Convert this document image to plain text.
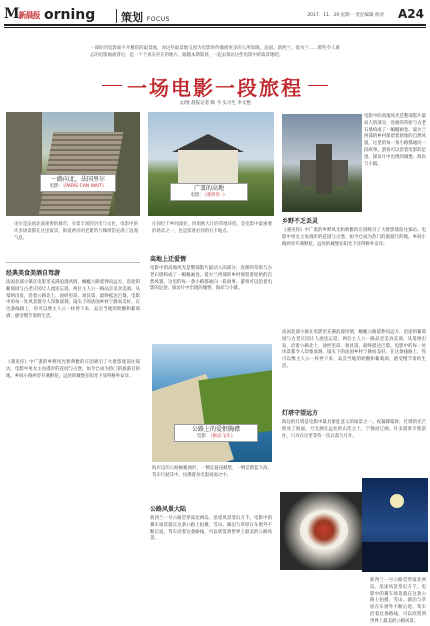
M新晨报 orning 策划 FOCUS
2017．11．20 星期一 责任编辑 校对 A24
一部好的电影离不开精彩的取景地，而这些取景地又因为电影的传播被更多的人所知晓。法国、新西兰、爱尔兰……那些令人难忘的电影画面背后，是一个个真实存在的地方。跟随本期策划，一起去探访这些电影中的取景地吧。
一场电影一段旅程
文/图 晨报记者 陶 今 实习生 李文艳
一路向北，法国里尔
电影：《PARIS CAN WAIT》	广袤的高地
电影：《遇到你 ·》
公路上的爱恨胸襟
电影：《极品飞车》
里尔是法国北部重要的城市，有着丰富的历史与文化，电影中的许多场景都在这里取景，街道两旁的老建筑与咖啡馆充满了浪漫气息。
庄园位于乡间深处，四周被大片的草地环绕，是电影中最重要的场景之一，也是影迷必到的打卡地点。
海岸边的公路蜿蜒曲折，一侧是悬崖峭壁，一侧是蔚蓝大海，驾车行驶其中，仿佛置身电影画面之中。
电影中的高地风光是整部影片最动人的部分，连绵的草原与古老石墙构成了一幅幅画卷。爱尔兰西部的乡村保留着原始的自然风貌，这里的每一条小路都通向一段故事。游客可以沿着电影的足迹，探访片中出现的城堡、海岸与小镇。
经典美食美酒自驾游
法国北部小镇在电影里充满浪漫风情，蜿蜒公路延伸向远方，沿途的葡萄园与古老庄园让人流连忘返。两位主人公一路品尝美食美酒，从戛纳出发，沿着公路北上，途经里昂、勃艮第，最终抵达巴黎。电影中的每一处风景都令人印象深刻，镜头下的法国乡村宁静而美好。在这条线路上，你可以像主人公一样停下来，品尝当地的奶酪和葡萄酒，感受慢节奏的生活。
《遇见你》中广袤的乡野风光和典雅的庄园吸引了大批影迷前往探访。电影中男女主角漫步的花园与古堡，如今已成为热门的旅游目的地。乡间小路两旁开满野花，远处的城堡在阳光下显得格外安详。
高地上迁爱情
电影中的高地风光是整部影片最动人的部分，连绵的草原与古老石墙构成了一幅幅画卷。爱尔兰西部的乡村保留着原始的自然风貌，这里的每一条小路都通向一段故事。游客可以沿着电影的足迹，探访片中出现的城堡、海岸与小镇。
公路风景大陆
新西兰一号公路贯穿南北两岛，沿途风景变幻万千。电影中的赛车场景就在这条公路上拍摄，雪山、湖泊与草原在车窗外不断后退。驾车沿着这条路线，可以欣赏到世界上最美的公路风景。
乡野不乏丢灵
《遇见你》中广袤的乡野风光和典雅的庄园吸引了大批影迷前往探访。电影中男女主角漫步的花园与古堡，如今已成为热门的旅游目的地。乡间小路两旁开满野花，远处的城堡在阳光下显得格外安详。
法国北部小镇在电影里充满浪漫风情，蜿蜒公路延伸向远方，沿途的葡萄园与古老庄园让人流连忘返。两位主人公一路品尝美食美酒，从戛纳出发，沿着公路北上，途经里昂、勃艮第，最终抵达巴黎。电影中的每一处风景都令人印象深刻，镜头下的法国乡村宁静而美好。在这条线路上，你可以像主人公一样停下来，品尝当地的奶酪和葡萄酒，感受慢节奏的生活。
灯塔守望远方
海边的灯塔是电影中最具象征意义的场景之一。夜幕降临时，灯塔的光芒照亮了海面，月光洒在远处的山峦之上，宁静而辽阔。许多游客专程前往，只为在这里等待一次日落与月升。
新西兰一号公路贯穿南北两岛，沿途风景变幻万千。电影中的赛车场景就在这条公路上拍摄，雪山、湖泊与草原在车窗外不断后退。驾车沿着这条路线，可以欣赏到世界上最美的公路风景。
